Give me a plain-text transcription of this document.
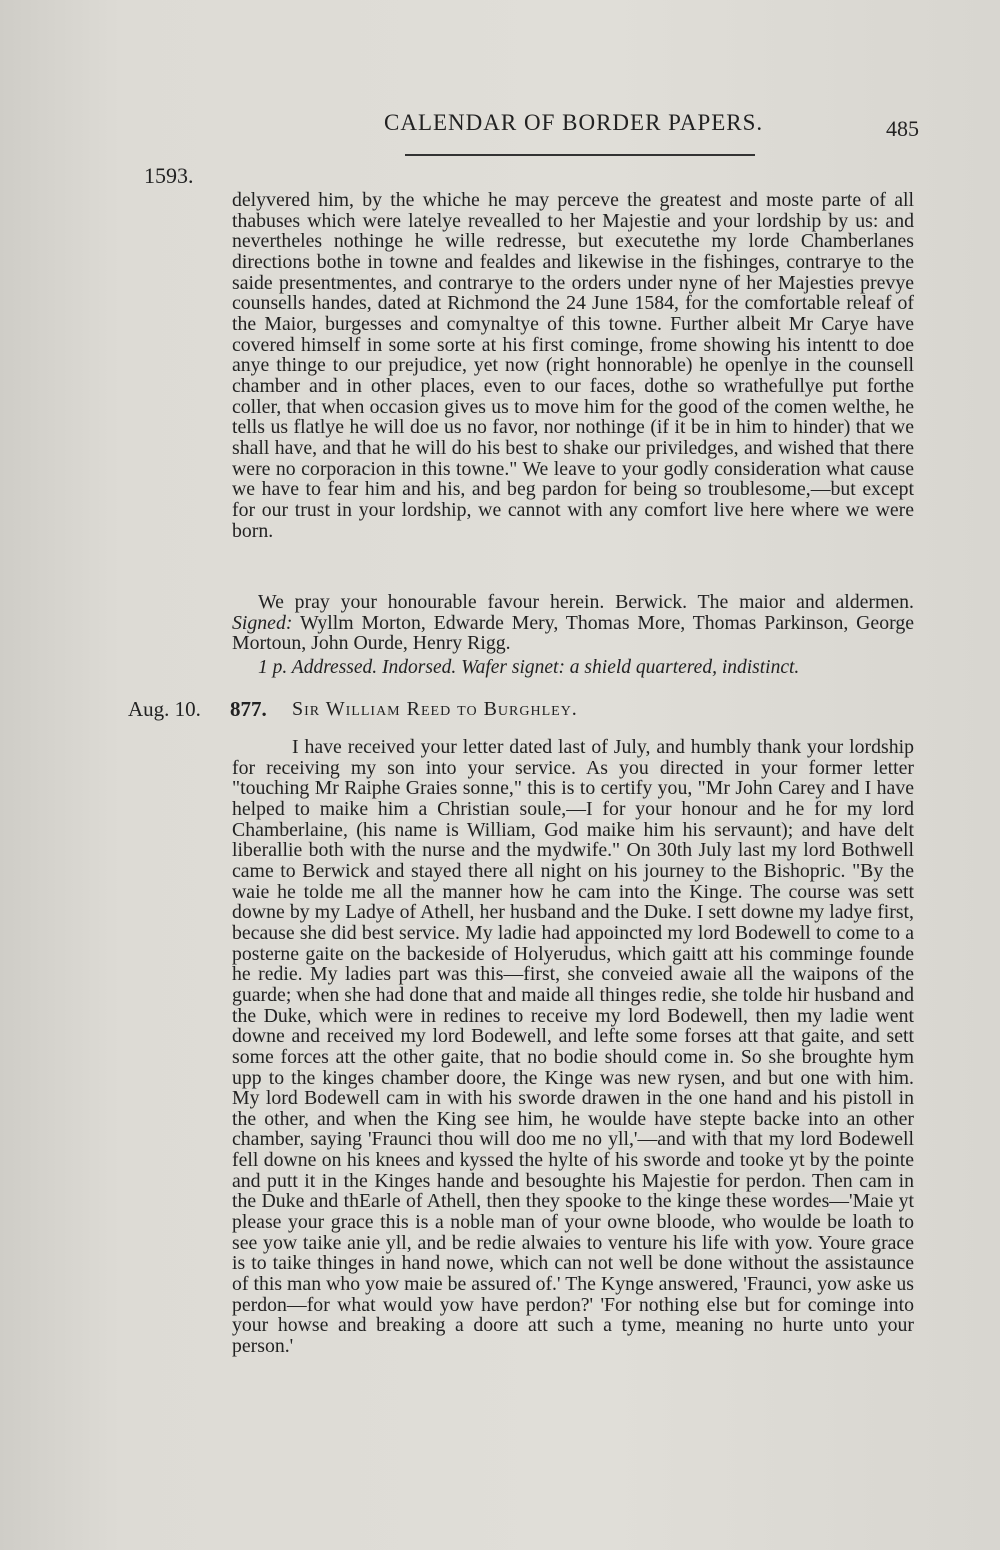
CALENDAR OF BORDER PAPERS.	485
1593.

delyvered him, by the whiche he may perceve the greatest and moste parte of all thabuses which were latelye revealled to her Majestie and your lordship by us: and nevertheles nothinge he wille redresse, but executethe my lorde Chamberlanes directions bothe in towne and fealdes and likewise in the fishinges, contrarye to the saide presentmentes, and contrarye to the orders under nyne of her Majesties prevye counsells handes, dated at Richmond the 24 June 1584, for the comfortable releaf of the Maior, burgesses and comynaltye of this towne. Further albeit Mr Carye have covered himself in some sorte at his first cominge, frome showing his intentt to doe anye thinge to our prejudice, yet now (right honnorable) he openlye in the counsell chamber and in other places, even to our faces, dothe so wrathefullye put forthe coller, that when occasion gives us to move him for the good of the comen welthe, he tells us flatlye he will doe us no favor, nor nothinge (if it be in him to hinder) that we shall have, and that he will do his best to shake our priviledges, and wished that there were no corporacion in this towne." We leave to your godly consideration what cause we have to fear him and his, and beg pardon for being so troublesome,—but except for our trust in your lordship, we cannot with any comfort live here where we were born.

We pray your honourable favour herein. Berwick. The maior and aldermen. Signed: Wyllm Morton, Edwarde Mery, Thomas More, Thomas Parkinson, George Mortoun, John Ourde, Henry Rigg.

1 p. Addressed. Indorsed. Wafer signet: a shield quartered, indistinct.
Aug. 10. 877. Sir William Reed to Burghley.

I have received your letter dated last of July, and humbly thank your lordship for receiving my son into your service. As you directed in your former letter "touching Mr Raiphe Graies sonne," this is to certify you, "Mr John Carey and I have helped to maike him a Christian soule,—I for your honour and he for my lord Chamberlaine, (his name is William, God maike him his servaunt); and have delt liberallie both with the nurse and the mydwife." On 30th July last my lord Bothwell came to Berwick and stayed there all night on his journey to the Bishopric. "By the waie he tolde me all the manner how he cam into the Kinge. The course was sett downe by my Ladye of Athell, her husband and the Duke. I sett downe my ladye first, because she did best service. My ladie had appoincted my lord Bodewell to come to a posterne gaite on the backeside of Holyerudus, which gaitt att his comminge founde he redie. My ladies part was this—first, she conveied awaie all the waipons of the guarde; when she had done that and maide all thinges redie, she tolde hir husband and the Duke, which were in redines to receive my lord Bodewell, then my ladie went downe and received my lord Bodewell, and lefte some forses att that gaite, and sett some forces att the other gaite, that no bodie should come in. So she broughte hym upp to the kinges chamber doore, the Kinge was new rysen, and but one with him. My lord Bodewell cam in with his sworde drawen in the one hand and his pistoll in the other, and when the King see him, he woulde have stepte backe into an other chamber, saying 'Fraunci thou will doo me no yll,'—and with that my lord Bodewell fell downe on his knees and kyssed the hylte of his sworde and tooke yt by the pointe and putt it in the Kinges hande and besoughte his Majestie for perdon. Then cam in the Duke and thEarle of Athell, then they spooke to the kinge these wordes—'Maie yt please your grace this is a noble man of your owne bloode, who woulde be loath to see yow taike anie yll, and be redie alwaies to venture his life with yow. Youre grace is to taike thinges in hand nowe, which can not well be done without the assistaunce of this man who yow maie be assured of.' The Kynge answered, 'Fraunci, yow aske us perdon—for what would yow have perdon?' 'For nothing else but for cominge into your howse and breaking a doore att such a tyme, meaning no hurte unto your person.'
